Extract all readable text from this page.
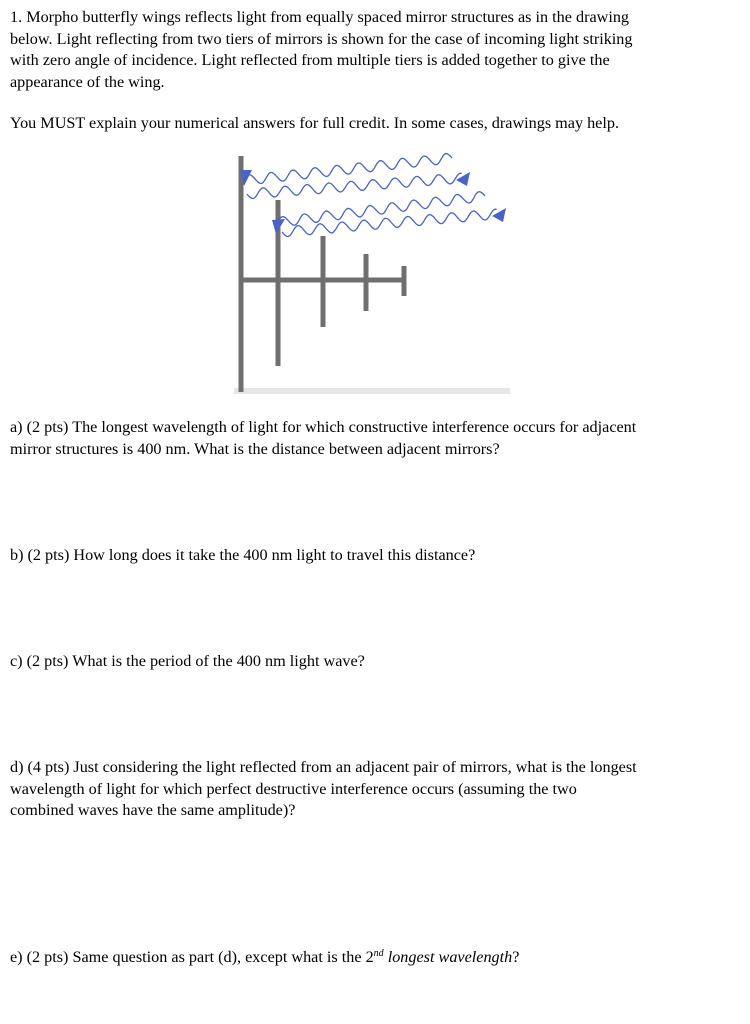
1. Morpho butterfly wings reflects light from equally spaced mirror structures as in the drawing
below. Light reflecting from two tiers of mirrors is shown for the case of incoming light striking
with zero angle of incidence. Light reflected from multiple tiers is added together to give the
appearance of the wing.
You MUST explain your numerical answers for full credit. In some cases, drawings may help.
a) (2 pts) The longest wavelength of light for which constructive interference occurs for adjacent
mirror structures is 400 nm. What is the distance between adjacent mirrors?
b) (2 pts) How long does it take the 400 nm light to travel this distance?
c) (2 pts) What is the period of the 400 nm light wave?
d) (4 pts) Just considering the light reflected from an adjacent pair of mirrors, what is the longest
wavelength of light for which perfect destructive interference occurs (assuming the two
combined waves have the same amplitude)?
e) (2 pts) Same question as part (d), except what is the 2nd longest wavelength?
